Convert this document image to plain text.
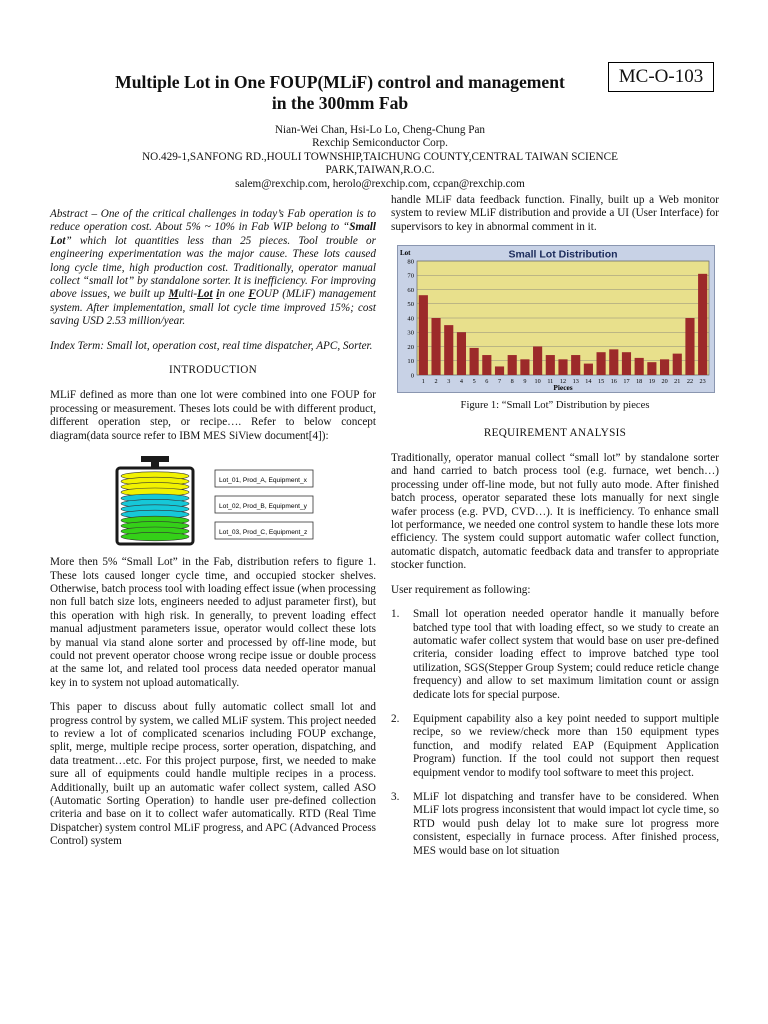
MC-O-103
Multiple Lot in One FOUP(MLiF) control and management
in the 300mm Fab
Nian-Wei Chan, Hsi-Lo Lo, Cheng-Chung Pan
Rexchip Semiconductor Corp.
NO.429-1,SANFONG RD.,HOULI TOWNSHIP,TAICHUNG COUNTY,CENTRAL TAIWAN SCIENCE
PARK,TAIWAN,R.O.C.
salem@rexchip.com, herolo@rexchip.com, ccpan@rexchip.com

Abstract – One of the critical challenges in today’s Fab operation is to reduce operation cost. About 5% ~ 10% in Fab WIP belong to “Small Lot” which lot quantities less than 25 pieces. Tool trouble or engineering experimentation was the major cause. These lots caused long cycle time, high production cost. Traditionally, operator manual collect “small lot” by standalone sorter. It is inefficiency. For improving above issues, we built up Multi-Lot in one FOUP (MLiF) management system. After implementation, small lot cycle time improved 15%; cost saving USD 2.53 million/year.

Index Term: Small lot, operation cost, real time dispatcher, APC, Sorter.

INTRODUCTION

MLiF defined as more than one lot were combined into one FOUP for processing or measurement. Theses lots could be with different product, different operation step, or recipe…. Refer to below concept diagram(data source refer to IBM MES SiView document[4]):

Lot_01, Prod_A, Equipment_x
Lot_02, Prod_B, Equipment_y
Lot_03, Prod_C, Equipment_z

More then 5% “Small Lot” in the Fab, distribution refers to figure 1. These lots caused longer cycle time, and occupied stocker shelves. Otherwise, batch process tool with loading effect issue (when processing non full batch size lots, engineers needed to adjust parameter first), but this operation with high risk. In generally, to prevent loading effect manual adjustment parameters issue, operator would collect these lots by manual via stand alone sorter and processed by off-line mode, but could not prevent operator choose wrong recipe issue or double process at the same lot, and related tool process data needed operator manual key in to system not upload automatically.

This paper to discuss about fully automatic collect small lot and progress control by system, we called MLiF system. This project needed to review a lot of complicated scenarios including FOUP exchange, split, merge, multiple recipe process, sorter operation, dispatching, and data treatment…etc. For this project purpose, first, we needed to make sure all of equipments could handle multiple recipes in a process. Additionally, built up an automatic wafer collect system, called ASO (Automatic Sorting Operation) to handle user pre-defined collection criteria and base on it to collect wafer automatically. RTD (Real Time Dispatcher) system control MLiF progress, and APC (Advanced Process Control) system

handle MLiF data feedback function. Finally, built up a Web monitor system to review MLiF distribution and provide a UI (User Interface) for supervisors to key in abnormal comment in it.

0
10
20
30
40
50
60
70
80
Lot	Small Lot Distribution
1 2 3 4 5 6 7 8 9 10 11 12 13 14 15 16 17 18 19 20 21 22 23
Pieces
Figure 1: “Small Lot” Distribution by pieces
REQUIREMENT ANALYSIS

Traditionally, operator manual collect “small lot” by standalone sorter and hand carried to batch process tool (e.g. furnace, wet bench…) processing under off-line mode, but not fully auto mode. After finished batch process, operator separated these lots manually for next single wafer process (e.g. PVD, CVD…). It is inefficiency. To enhance small lot performance, we needed one control system to handle these lots more efficiency. The system could support automatic wafer collect function, automatic dispatch, automatic feedback data and transfer to appropriate stocker function.

User requirement as following:

1. Small lot operation needed operator handle it manually before batched type tool that with loading effect, so we study to create an automatic wafer collect system that would base on user pre-defined criteria, consider loading effect to improve batched type tool utilization, SGS(Stepper Group System; could reduce reticle change frequency) and allow to set maximum limitation count or assign dedicate lots for special purpose.
2. Equipment capability also a key point needed to support multiple recipe, so we review/check more than 150 equipment types function, and modify related EAP (Equipment Application Program) function. If the tool could not support then request equipment vendor to modify tool software to meet this project.
3. MLiF lot dispatching and transfer have to be considered. When MLiF lots progress inconsistent that would impact lot cycle time, so RTD would push delay lot to make sure lot progress more consistent, especially in furnace process. After finished process, MES would base on lot situation
